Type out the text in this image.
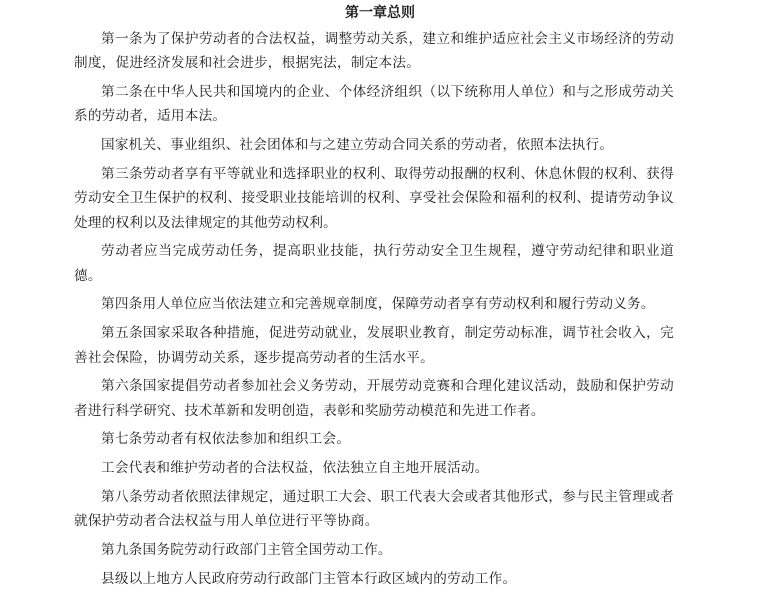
第一章总则

第一条为了保护劳动者的合法权益，调整劳动关系，建立和维护适应社会主义市场经济的劳动制度，促进经济发展和社会进步，根据宪法，制定本法。

第二条在中华人民共和国境内的企业、个体经济组织（以下统称用人单位）和与之形成劳动关系的劳动者，适用本法。

国家机关、事业组织、社会团体和与之建立劳动合同关系的劳动者，依照本法执行。

第三条劳动者享有平等就业和选择职业的权利、取得劳动报酬的权利、休息休假的权利、获得劳动安全卫生保护的权利、接受职业技能培训的权利、享受社会保险和福利的权利、提请劳动争议处理的权利以及法律规定的其他劳动权利。

劳动者应当完成劳动任务，提高职业技能，执行劳动安全卫生规程，遵守劳动纪律和职业道德。

第四条用人单位应当依法建立和完善规章制度，保障劳动者享有劳动权利和履行劳动义务。

第五条国家采取各种措施，促进劳动就业，发展职业教育，制定劳动标准，调节社会收入，完善社会保险，协调劳动关系，逐步提高劳动者的生活水平。

第六条国家提倡劳动者参加社会义务劳动，开展劳动竞赛和合理化建议活动，鼓励和保护劳动者进行科学研究、技术革新和发明创造，表彰和奖励劳动模范和先进工作者。

第七条劳动者有权依法参加和组织工会。

工会代表和维护劳动者的合法权益，依法独立自主地开展活动。

第八条劳动者依照法律规定，通过职工大会、职工代表大会或者其他形式，参与民主管理或者就保护劳动者合法权益与用人单位进行平等协商。

第九条国务院劳动行政部门主管全国劳动工作。

县级以上地方人民政府劳动行政部门主管本行政区域内的劳动工作。
